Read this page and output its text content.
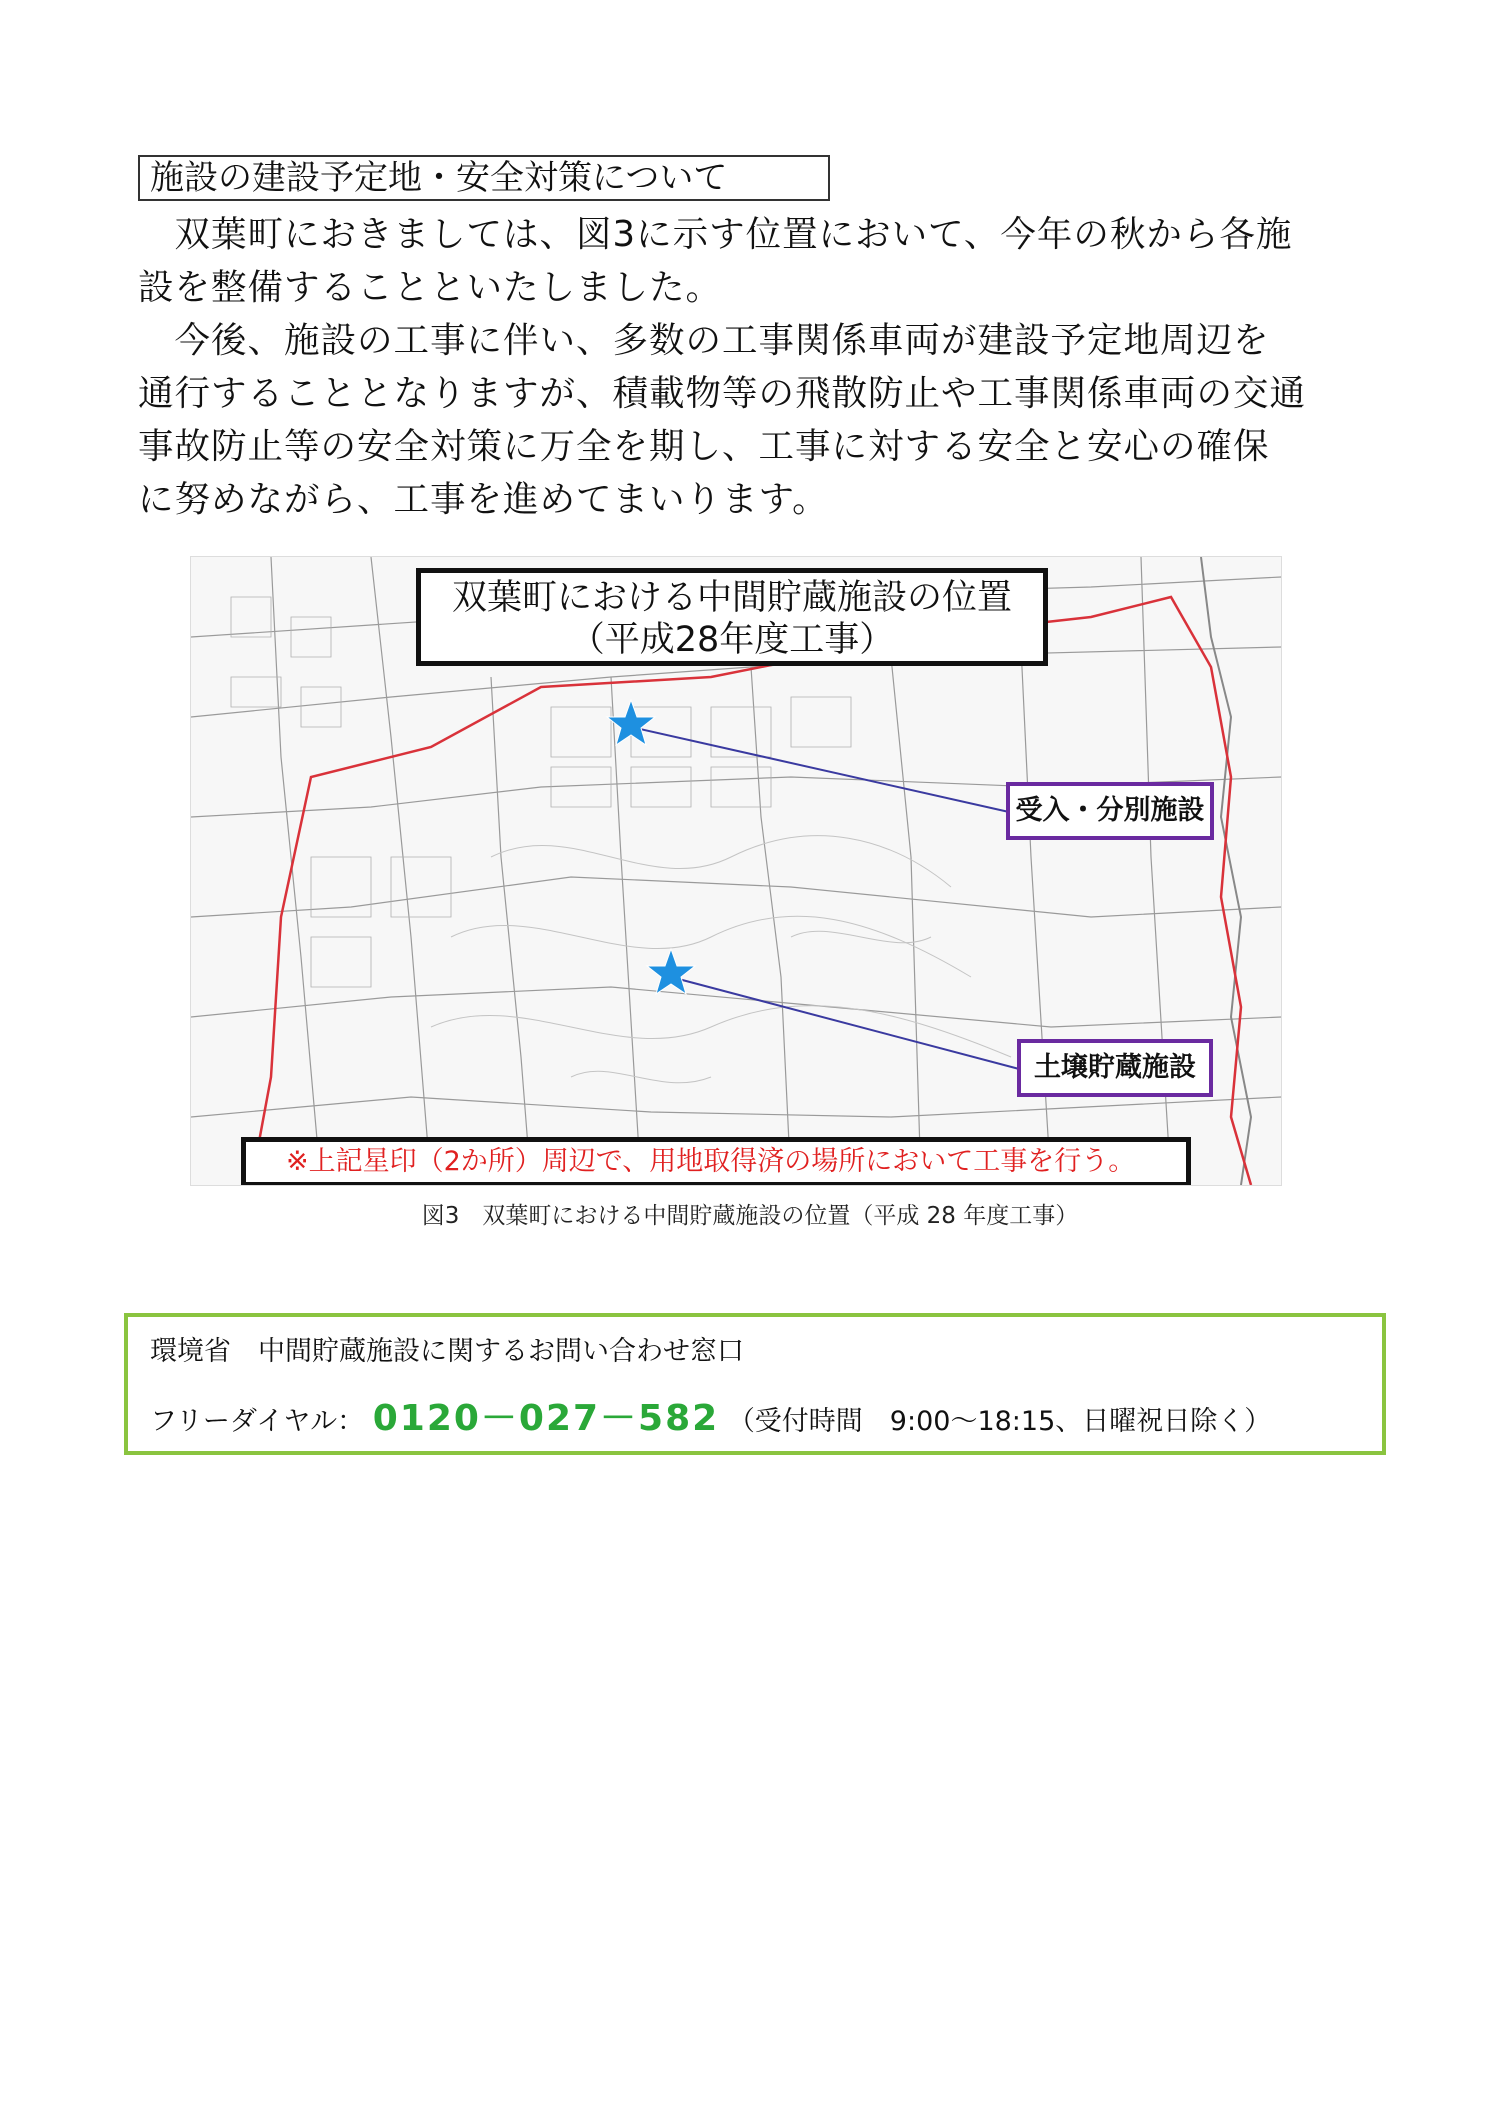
施設の建設予定地・安全対策について
　双葉町におきましては、図3に示す位置において、今年の秋から各施
設を整備することといたしました。
　今後、施設の工事に伴い、多数の工事関係車両が建設予定地周辺を
通行することとなりますが、積載物等の飛散防止や工事関係車両の交通
事故防止等の安全対策に万全を期し、工事に対する安全と安心の確保
に努めながら、工事を進めてまいります。
双葉町における中間貯蔵施設の位置
（平成28年度工事）
受入・分別施設
土壌貯蔵施設
※上記星印（2か所）周辺で、用地取得済の場所において工事を行う。
図3　双葉町における中間貯蔵施設の位置（平成 28 年度工事）
環境省　中間貯蔵施設に関するお問い合わせ窓口
フリーダイヤル： 0120－027－582 （受付時間　9:00～18:15、日曜祝日除く）
